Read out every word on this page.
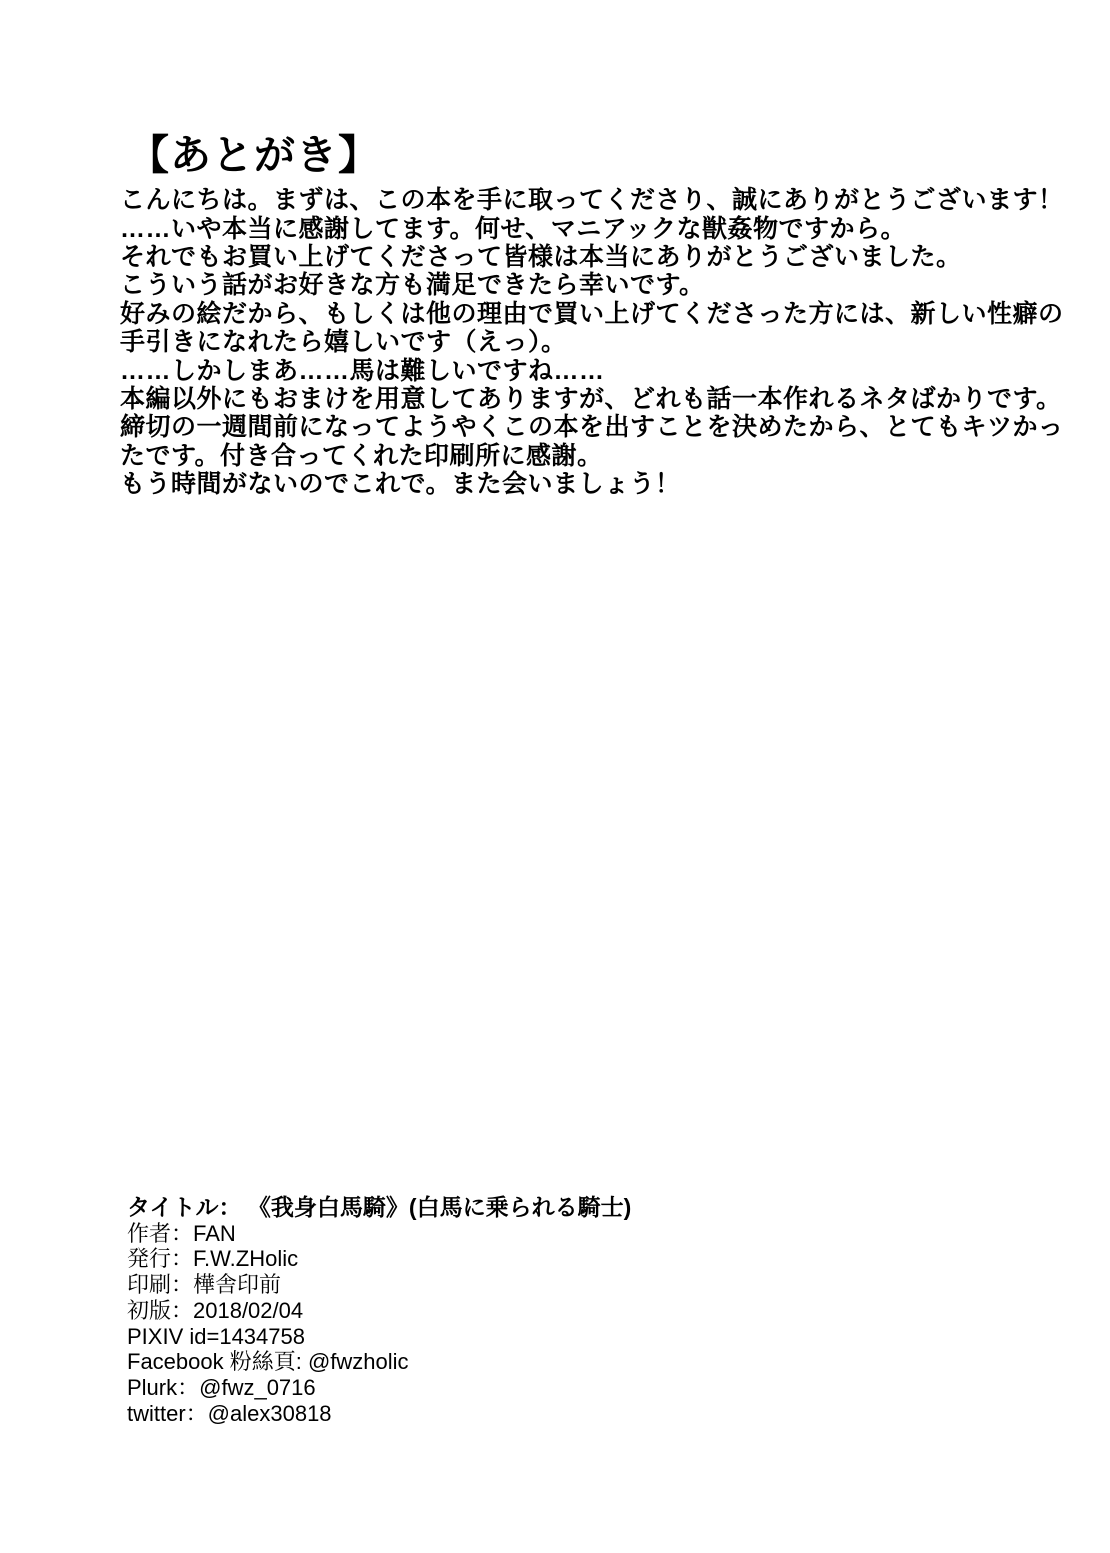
【あとがき】
こんにちは。まずは、この本を手に取ってくださり、誠にありがとうございます！
……いや本当に感謝してます。何せ、マニアックな獣姦物ですから。
それでもお買い上げてくださって皆様は本当にありがとうございました。
こういう話がお好きな方も満足できたら幸いです。
好みの絵だから、もしくは他の理由で買い上げてくださった方には、新しい性癖の
手引きになれたら嬉しいです（えっ）。
……しかしまあ……馬は難しいですね……
本編以外にもおまけを用意してありますが、どれも話一本作れるネタばかりです。
締切の一週間前になってようやくこの本を出すことを決めたから、とてもキツかっ
たです。付き合ってくれた印刷所に感謝。
もう時間がないのでこれで。また会いましょう！
タイトル： 《我身白馬騎》(白馬に乗られる騎士)
作者：FAN
発行：F.W.ZHolic
印刷：樺舎印前
初版：2018/02/04
PIXIV id=1434758
Facebook 粉絲頁: @fwzholic
Plurk：@fwz_0716
twitter：@alex30818
